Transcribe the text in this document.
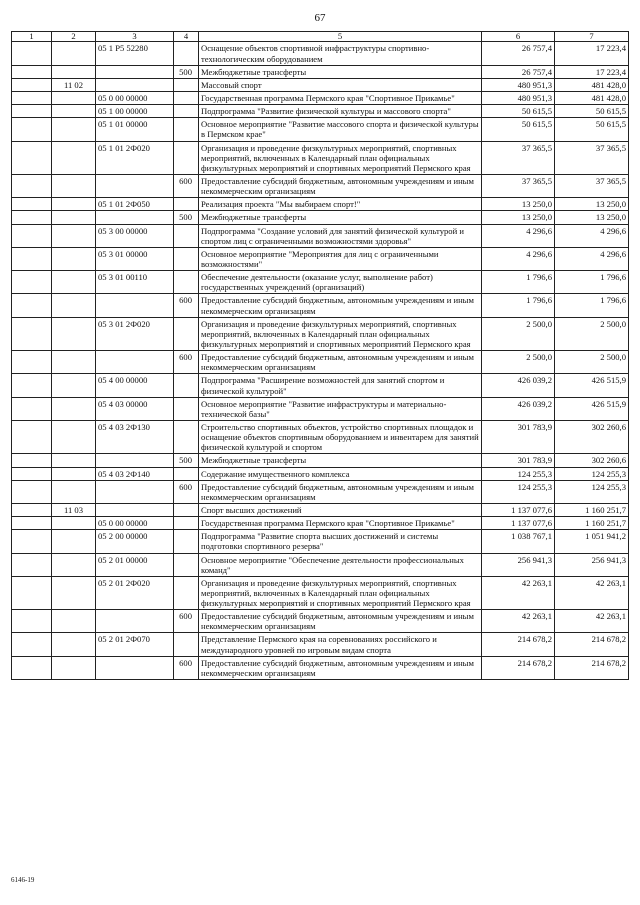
67
1	2	3	4	5	6	7
		05 1 P5 52280		Оснащение объектов спортивной инфраструктуры спортивно-технологическим оборудованием	26 757,4	17 223,4
			500	Межбюджетные трансферты	26 757,4	17 223,4
	11 02			Массовый спорт	480 951,3	481 428,0
		05 0 00 00000		Государственная программа Пермского края "Спортивное Прикамье"	480 951,3	481 428,0
		05 1 00 00000		Подпрограмма "Развитие физической культуры и массового спорта"	50 615,5	50 615,5
		05 1 01 00000		Основное мероприятие "Развитие массового спорта и физической культуры в Пермском крае"	50 615,5	50 615,5
		05 1 01 2Ф020		Организация и проведение физкультурных мероприятий, спортивных мероприятий, включенных в Календарный план официальных физкультурных мероприятий и спортивных мероприятий Пермского края	37 365,5	37 365,5
			600	Предоставление субсидий бюджетным, автономным учреждениям и иным некоммерческим организациям	37 365,5	37 365,5
		05 1 01 2Ф050		Реализация проекта "Мы выбираем спорт!"	13 250,0	13 250,0
			500	Межбюджетные трансферты	13 250,0	13 250,0
		05 3 00 00000		Подпрограмма "Создание условий для занятий физической культурой и спортом лиц с ограниченными возможностями здоровья"	4 296,6	4 296,6
		05 3 01 00000		Основное мероприятие "Мероприятия для лиц с ограниченными возможностями"	4 296,6	4 296,6
		05 3 01 00110		Обеспечение деятельности (оказание услуг, выполнение работ) государственных учреждений (организаций)	1 796,6	1 796,6
			600	Предоставление субсидий бюджетным, автономным учреждениям и иным некоммерческим организациям	1 796,6	1 796,6
		05 3 01 2Ф020		Организация и проведение физкультурных мероприятий, спортивных мероприятий, включенных в Календарный план официальных физкультурных мероприятий и спортивных мероприятий Пермского края	2 500,0	2 500,0
			600	Предоставление субсидий бюджетным, автономным учреждениям и иным некоммерческим организациям	2 500,0	2 500,0
		05 4 00 00000		Подпрограмма "Расширение возможностей для занятий спортом и физической культурой"	426 039,2	426 515,9
		05 4 03 00000		Основное мероприятие "Развитие инфраструктуры и материально-технической базы"	426 039,2	426 515,9
		05 4 03 2Ф130		Строительство спортивных объектов, устройство спортивных площадок и оснащение объектов спортивным оборудованием и инвентарем для занятий физической культурой и спортом	301 783,9	302 260,6
			500	Межбюджетные трансферты	301 783,9	302 260,6
		05 4 03 2Ф140		Содержание имущественного комплекса	124 255,3	124 255,3
			600	Предоставление субсидий бюджетным, автономным учреждениям и иным некоммерческим организациям	124 255,3	124 255,3
	11 03			Спорт высших достижений	1 137 077,6	1 160 251,7
		05 0 00 00000		Государственная программа Пермского края "Спортивное Прикамье"	1 137 077,6	1 160 251,7
		05 2 00 00000		Подпрограмма "Развитие спорта высших достижений и системы подготовки спортивного резерва"	1 038 767,1	1 051 941,2
		05 2 01 00000		Основное мероприятие "Обеспечение деятельности профессиональных команд"	256 941,3	256 941,3
		05 2 01 2Ф020		Организация и проведение физкультурных мероприятий, спортивных мероприятий, включенных в Календарный план официальных физкультурных мероприятий и спортивных мероприятий Пермского края	42 263,1	42 263,1
			600	Предоставление субсидий бюджетным, автономным учреждениям и иным некоммерческим организациям	42 263,1	42 263,1
		05 2 01 2Ф070		Представление Пермского края на соревнованиях российского и международного уровней по игровым видам спорта	214 678,2	214 678,2
			600	Предоставление субсидий бюджетным, автономным учреждениям и иным некоммерческим организациям	214 678,2	214 678,2
6146-19
